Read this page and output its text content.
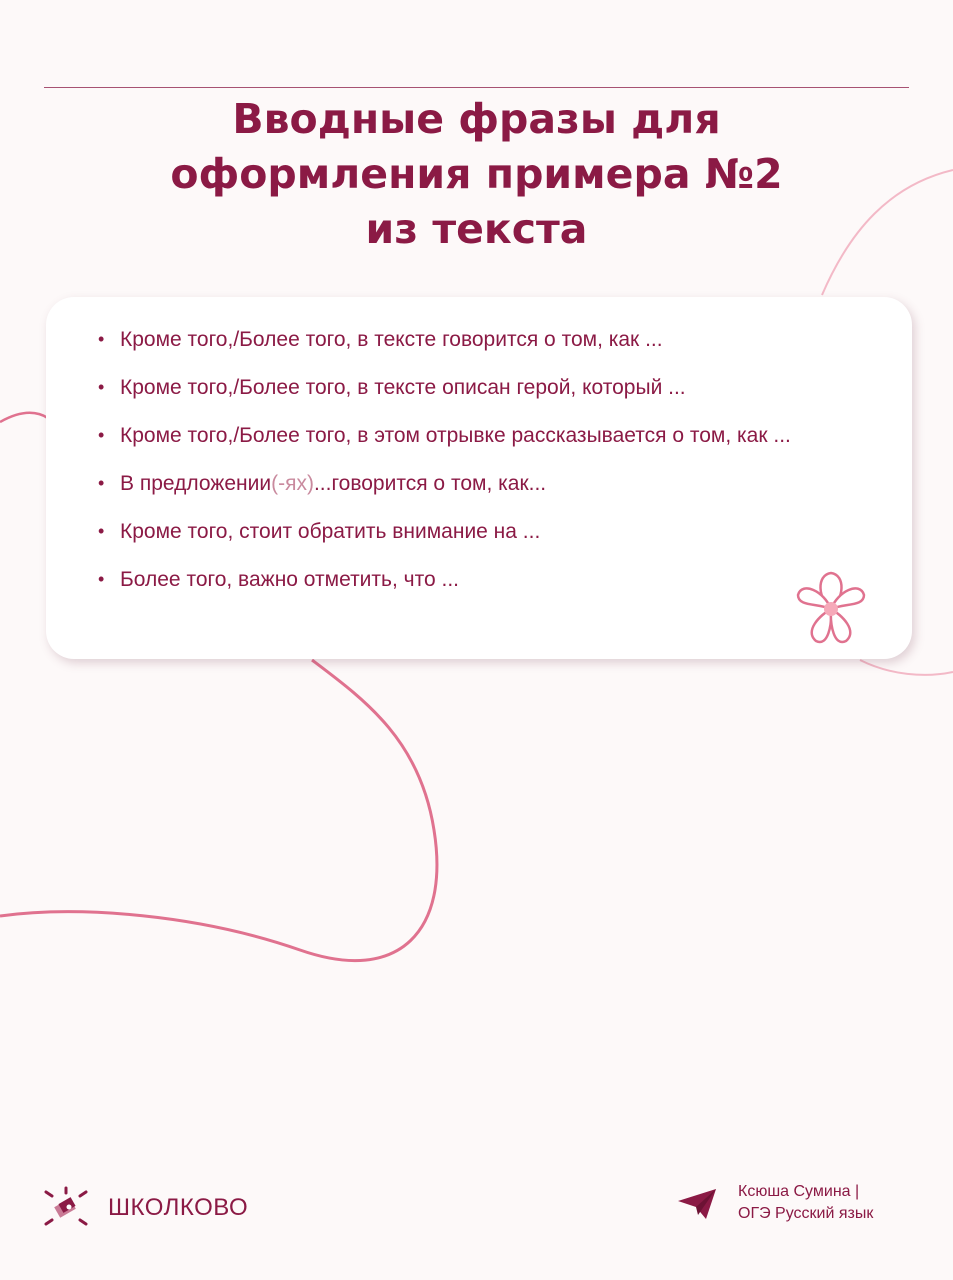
Вводные фразы для
оформления примера №2
из текста
• Кроме того,/Более того, в тексте говорится о том, как ...
• Кроме того,/Более того, в тексте описан герой, который ...
• Кроме того,/Более того, в этом отрывке рассказывается о том, как ...
• В предложении(-ях)...говорится о том, как...
• Кроме того, стоит обратить внимание на ...
• Более того, важно отметить, что ...
ШКОЛКОВО
Ксюша Сумина |
ОГЭ Русский язык
